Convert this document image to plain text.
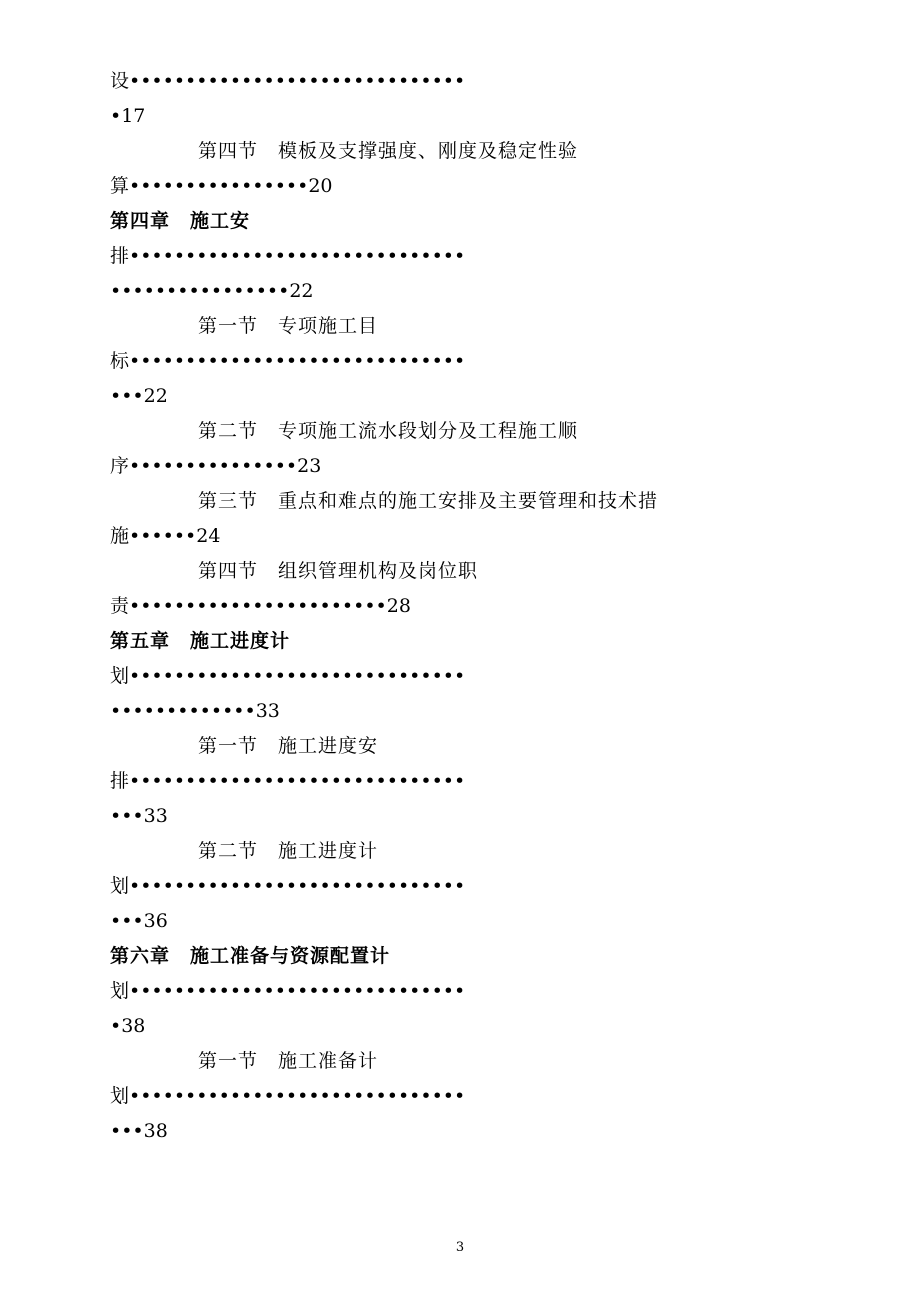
设••••••••••••••••••••••••••••••
•17
第四节　模板及支撑强度、刚度及稳定性验
算••••••••••••••••20
第四章　施工安
排••••••••••••••••••••••••••••••
••••••••••••••••22
第一节　专项施工目
标••••••••••••••••••••••••••••••
•••22
第二节　专项施工流水段划分及工程施工顺
序•••••••••••••••23
第三节　重点和难点的施工安排及主要管理和技术措
施••••••24
第四节　组织管理机构及岗位职
责•••••••••••••••••••••••28
第五章　施工进度计
划••••••••••••••••••••••••••••••
•••••••••••••33
第一节　施工进度安
排••••••••••••••••••••••••••••••
•••33
第二节　施工进度计
划••••••••••••••••••••••••••••••
•••36
第六章　施工准备与资源配置计
划••••••••••••••••••••••••••••••
•38
第一节　施工准备计
划••••••••••••••••••••••••••••••
•••38
3
